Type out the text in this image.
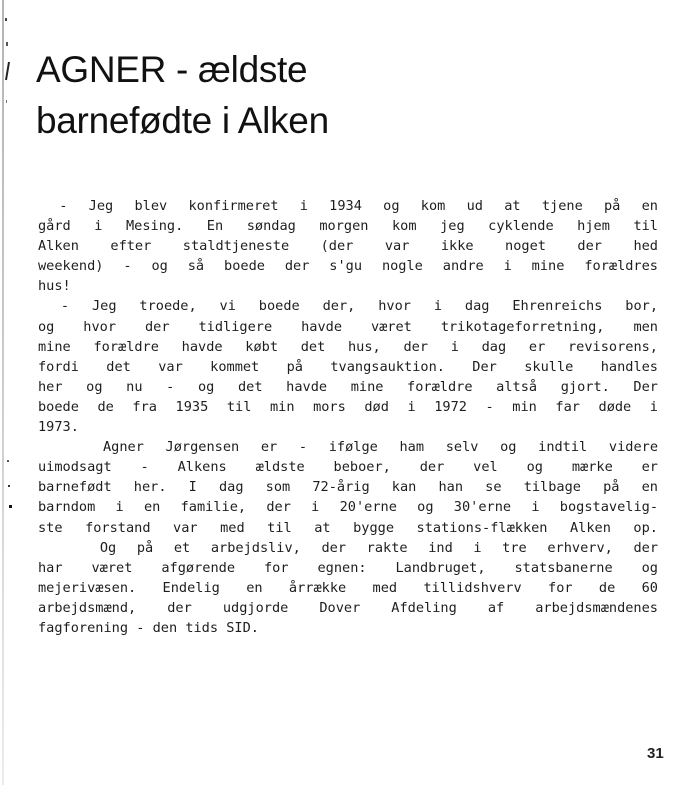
AGNER - ældste
barnefødte i Alken
- Jeg blev konfirmeret i 1934 og kom ud at tjene på en
gård i Mesing. En søndag morgen kom jeg cyklende hjem til
Alken efter staldtjeneste (der var ikke noget der hed
weekend) - og så boede der s'gu nogle andre i mine forældres
hus!
- Jeg troede, vi boede der, hvor i dag Ehrenreichs bor,
og hvor der tidligere havde været trikotageforretning, men
mine forældre havde købt det hus, der i dag er revisorens,
fordi det var kommet på tvangsauktion. Der skulle handles
her og nu - og det havde mine forældre altså gjort. Der
boede de fra 1935 til min mors død i 1972 - min far døde i
1973.
Agner Jørgensen er - ifølge ham selv og indtil videre
uimodsagt - Alkens ældste beboer, der vel og mærke er
barnefødt her. I dag som 72-årig kan han se tilbage på en
barndom i en familie, der i 20'erne og 30'erne i bogstavelig-
ste forstand var med til at bygge stations-flækken Alken op.
Og på et arbejdsliv, der rakte ind i tre erhverv, der
har været afgørende for egnen: Landbruget, statsbanerne og
mejerivæsen. Endelig en årrække med tillidshverv for de 60
arbejdsmænd, der udgjorde Dover Afdeling af arbejdsmændenes
fagforening - den tids SID.
31
